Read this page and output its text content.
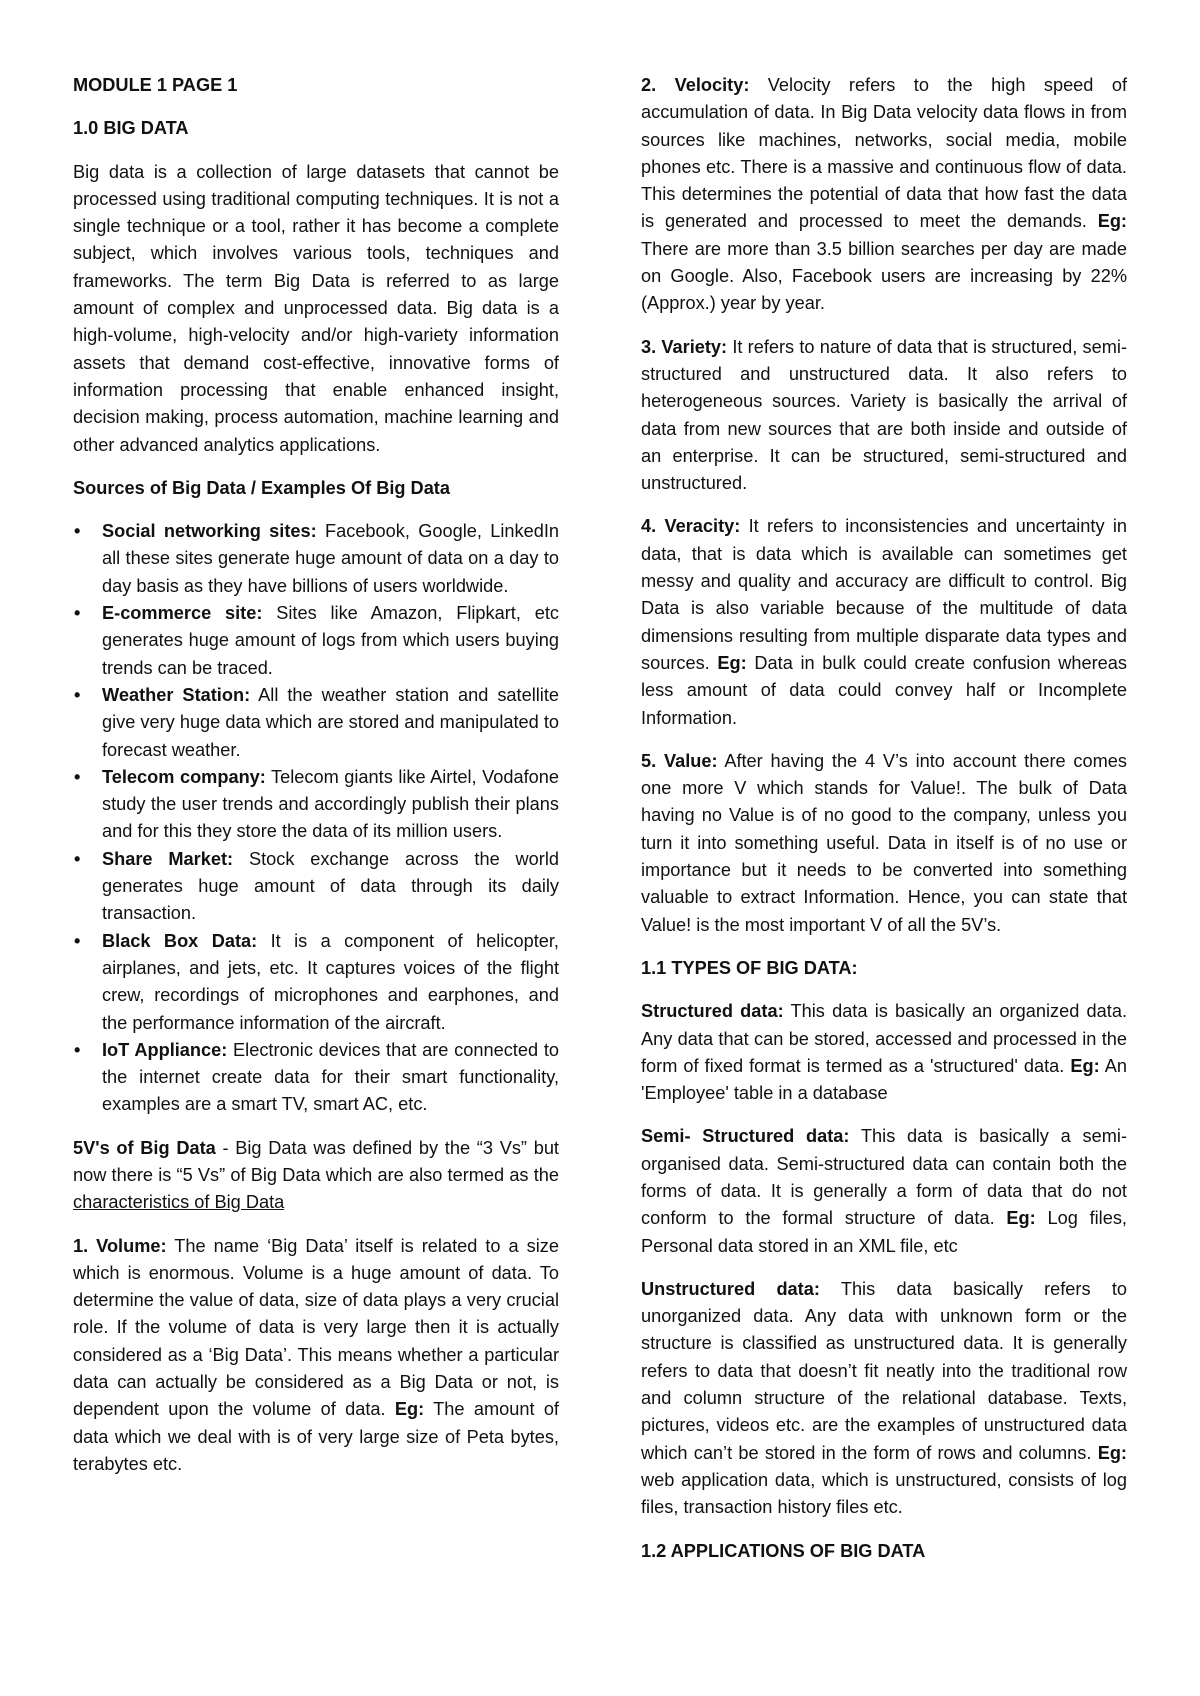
MODULE 1 PAGE 1
1.0 BIG DATA

Big data is a collection of large datasets that cannot be processed using traditional computing techniques. It is not a single technique or a tool, rather it has become a complete subject, which involves various tools, techniques and frameworks. The term Big Data is referred to as large amount of complex and unprocessed data. Big data is a high-volume, high-velocity and/or high-variety information assets that demand cost-effective, innovative forms of information processing that enable enhanced insight, decision making, process automation, machine learning and other advanced analytics applications.

Sources of Big Data / Examples Of Big Data
• Social networking sites: Facebook, Google, LinkedIn all these sites generate huge amount of data on a day to day basis as they have billions of users worldwide.
• E-commerce site: Sites like Amazon, Flipkart, etc generates huge amount of logs from which users buying trends can be traced.
• Weather Station: All the weather station and satellite give very huge data which are stored and manipulated to forecast weather.
• Telecom company: Telecom giants like Airtel, Vodafone study the user trends and accordingly publish their plans and for this they store the data of its million users.
• Share Market: Stock exchange across the world generates huge amount of data through its daily transaction.
• Black Box Data: It is a component of helicopter, airplanes, and jets, etc. It captures voices of the flight crew, recordings of microphones and earphones, and the performance information of the aircraft.
• IoT Appliance: Electronic devices that are connected to the internet create data for their smart functionality, examples are a smart TV, smart AC, etc.

5V's of Big Data - Big Data was defined by the “3 Vs” but now there is “5 Vs” of Big Data which are also termed as the characteristics of Big Data

1. Volume: The name ‘Big Data’ itself is related to a size which is enormous. Volume is a huge amount of data. To determine the value of data, size of data plays a very crucial role. If the volume of data is very large then it is actually considered as a ‘Big Data’. This means whether a particular data can actually be considered as a Big Data or not, is dependent upon the volume of data. Eg: The amount of data which we deal with is of very large size of Peta bytes, terabytes etc.

2. Velocity: Velocity refers to the high speed of accumulation of data. In Big Data velocity data flows in from sources like machines, networks, social media, mobile phones etc. There is a massive and continuous flow of data. This determines the potential of data that how fast the data is generated and processed to meet the demands. Eg: There are more than 3.5 billion searches per day are made on Google. Also, Facebook users are increasing by 22%(Approx.) year by year.

3. Variety: It refers to nature of data that is structured, semi-structured and unstructured data. It also refers to heterogeneous sources. Variety is basically the arrival of data from new sources that are both inside and outside of an enterprise. It can be structured, semi-structured and unstructured.

4. Veracity: It refers to inconsistencies and uncertainty in data, that is data which is available can sometimes get messy and quality and accuracy are difficult to control. Big Data is also variable because of the multitude of data dimensions resulting from multiple disparate data types and sources. Eg: Data in bulk could create confusion whereas less amount of data could convey half or Incomplete Information.

5. Value: After having the 4 V’s into account there comes one more V which stands for Value!. The bulk of Data having no Value is of no good to the company, unless you turn it into something useful. Data in itself is of no use or importance but it needs to be converted into something valuable to extract Information. Hence, you can state that Value! is the most important V of all the 5V’s.

1.1 TYPES OF BIG DATA:

Structured data: This data is basically an organized data. Any data that can be stored, accessed and processed in the form of fixed format is termed as a 'structured' data. Eg: An 'Employee' table in a database

Semi- Structured data: This data is basically a semi-organised data. Semi-structured data can contain both the forms of data. It is generally a form of data that do not conform to the formal structure of data. Eg: Log files, Personal data stored in an XML file, etc

Unstructured data: This data basically refers to unorganized data. Any data with unknown form or the structure is classified as unstructured data. It is generally refers to data that doesn’t fit neatly into the traditional row and column structure of the relational database. Texts, pictures, videos etc. are the examples of unstructured data which can’t be stored in the form of rows and columns. Eg: web application data, which is unstructured, consists of log files, transaction history files etc.

1.2 APPLICATIONS OF BIG DATA
